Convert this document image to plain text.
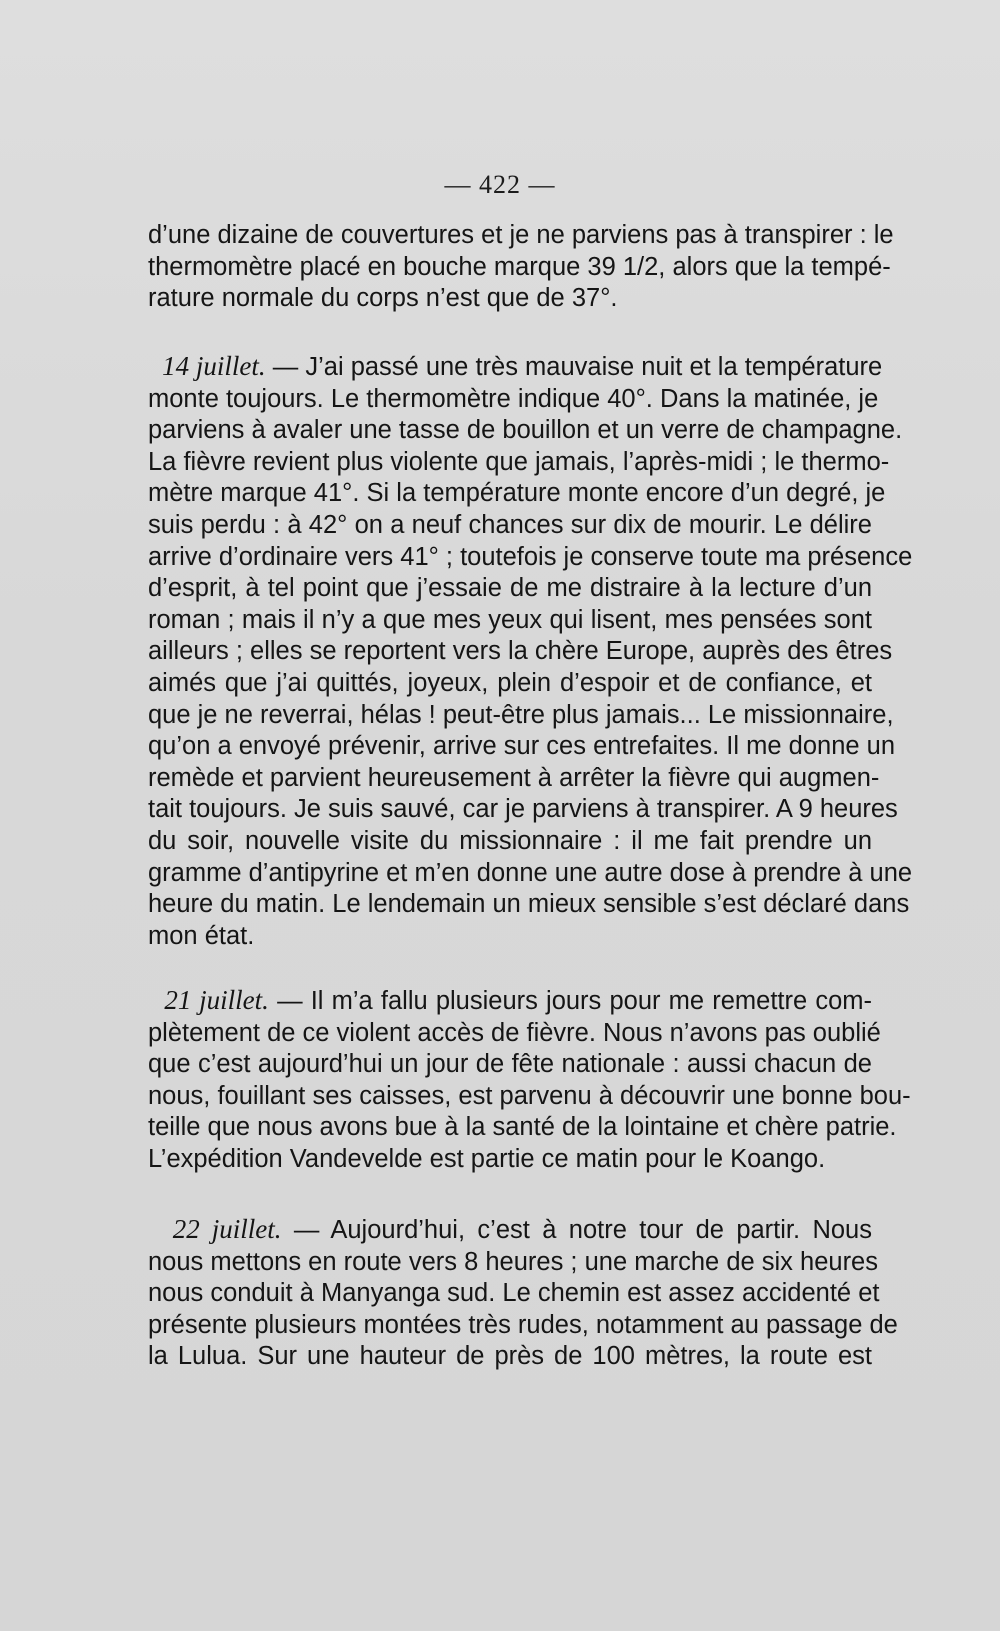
— 422 —
d’une dizaine de couvertures et je ne parviens pas à transpirer : le
thermomètre placé en bouche marque 39 1/2, alors que la tempé-
rature normale du corps n’est que de 37°.
14 juillet. — J’ai passé une très mauvaise nuit et la température
monte toujours. Le thermomètre indique 40°. Dans la matinée, je
parviens à avaler une tasse de bouillon et un verre de champagne.
La fièvre revient plus violente que jamais, l’après-midi ; le thermo-
mètre marque 41°. Si la température monte encore d’un degré, je
suis perdu : à 42° on a neuf chances sur dix de mourir. Le délire
arrive d’ordinaire vers 41° ; toutefois je conserve toute ma présence
d’esprit, à tel point que j’essaie de me distraire à la lecture d’un
roman ; mais il n’y a que mes yeux qui lisent, mes pensées sont
ailleurs ; elles se reportent vers la chère Europe, auprès des êtres
aimés que j’ai quittés, joyeux, plein d’espoir et de confiance, et
que je ne reverrai, hélas ! peut-être plus jamais... Le missionnaire,
qu’on a envoyé prévenir, arrive sur ces entrefaites. Il me donne un
remède et parvient heureusement à arrêter la fièvre qui augmen-
tait toujours. Je suis sauvé, car je parviens à transpirer. A 9 heures
du soir, nouvelle visite du missionnaire : il me fait prendre un
gramme d’antipyrine et m’en donne une autre dose à prendre à une
heure du matin. Le lendemain un mieux sensible s’est déclaré dans
mon état.
21 juillet. — Il m’a fallu plusieurs jours pour me remettre com-
plètement de ce violent accès de fièvre. Nous n’avons pas oublié
que c’est aujourd’hui un jour de fête nationale : aussi chacun de
nous, fouillant ses caisses, est parvenu à découvrir une bonne bou-
teille que nous avons bue à la santé de la lointaine et chère patrie.
L’expédition Vandevelde est partie ce matin pour le Koango.
22 juillet. — Aujourd’hui, c’est à notre tour de partir. Nous
nous mettons en route vers 8 heures ; une marche de six heures
nous conduit à Manyanga sud. Le chemin est assez accidenté et
présente plusieurs montées très rudes, notamment au passage de
la Lulua. Sur une hauteur de près de 100 mètres, la route est
